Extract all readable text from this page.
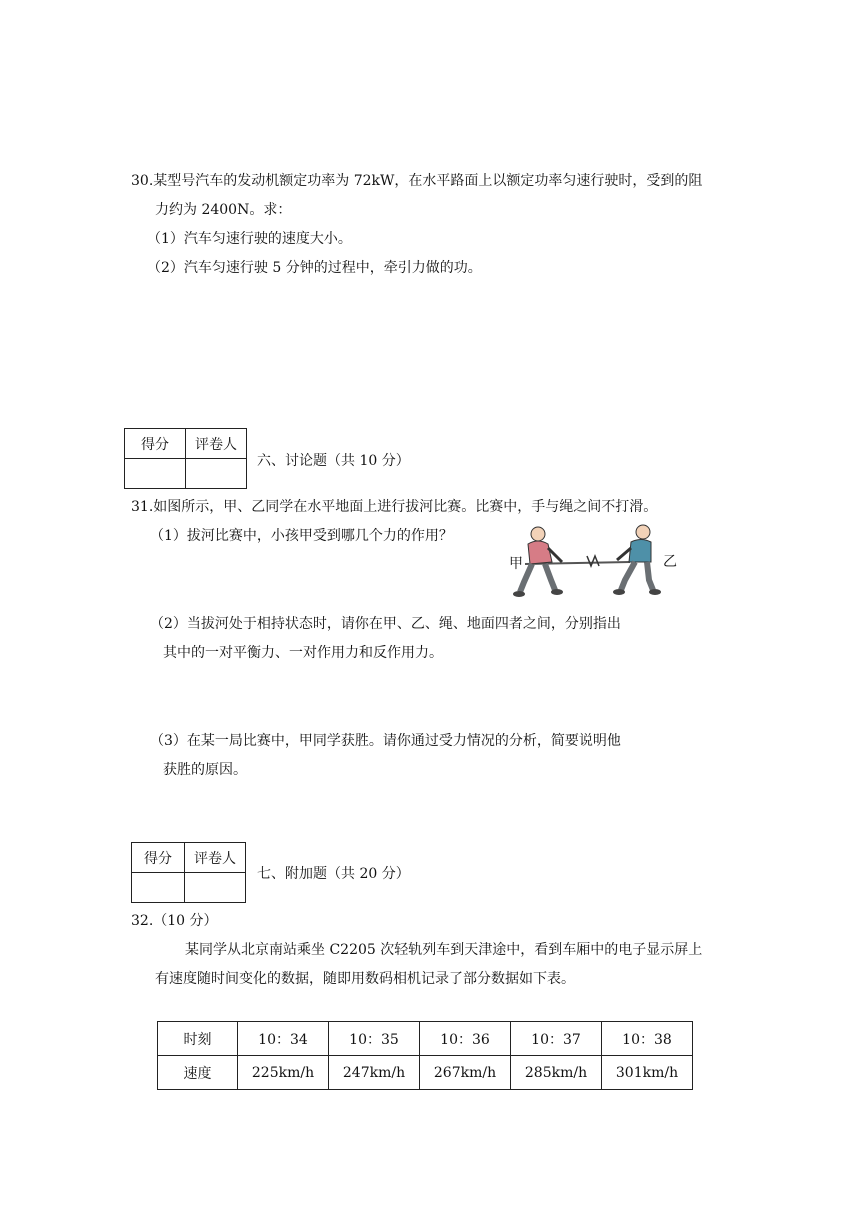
30.某型号汽车的发动机额定功率为 72kW，在水平路面上以额定功率匀速行驶时，受到的阻
力约为 2400N。求：
（1）汽车匀速行驶的速度大小。
（2）汽车匀速行驶 5 分钟的过程中，牵引力做的功。
得分	评卷人

六、讨论题（共 10 分）
31.如图所示，甲、乙同学在水平地面上进行拔河比赛。比赛中，手与绳之间不打滑。
（1）拔河比赛中，小孩甲受到哪几个力的作用？
甲	乙
（2）当拔河处于相持状态时，请你在甲、乙、绳、地面四者之间，分别指出
其中的一对平衡力、一对作用力和反作用力。
（3）在某一局比赛中，甲同学获胜。请你通过受力情况的分析，简要说明他
获胜的原因。
得分	评卷人

七、附加题（共 20 分）
32.（10 分）
某同学从北京南站乘坐 C2205 次轻轨列车到天津途中，看到车厢中的电子显示屏上
有速度随时间变化的数据，随即用数码相机记录了部分数据如下表。
时刻	10：34	10：35	10：36	10：37	10：38
速度	225km/h	247km/h	267km/h	285km/h	301km/h
